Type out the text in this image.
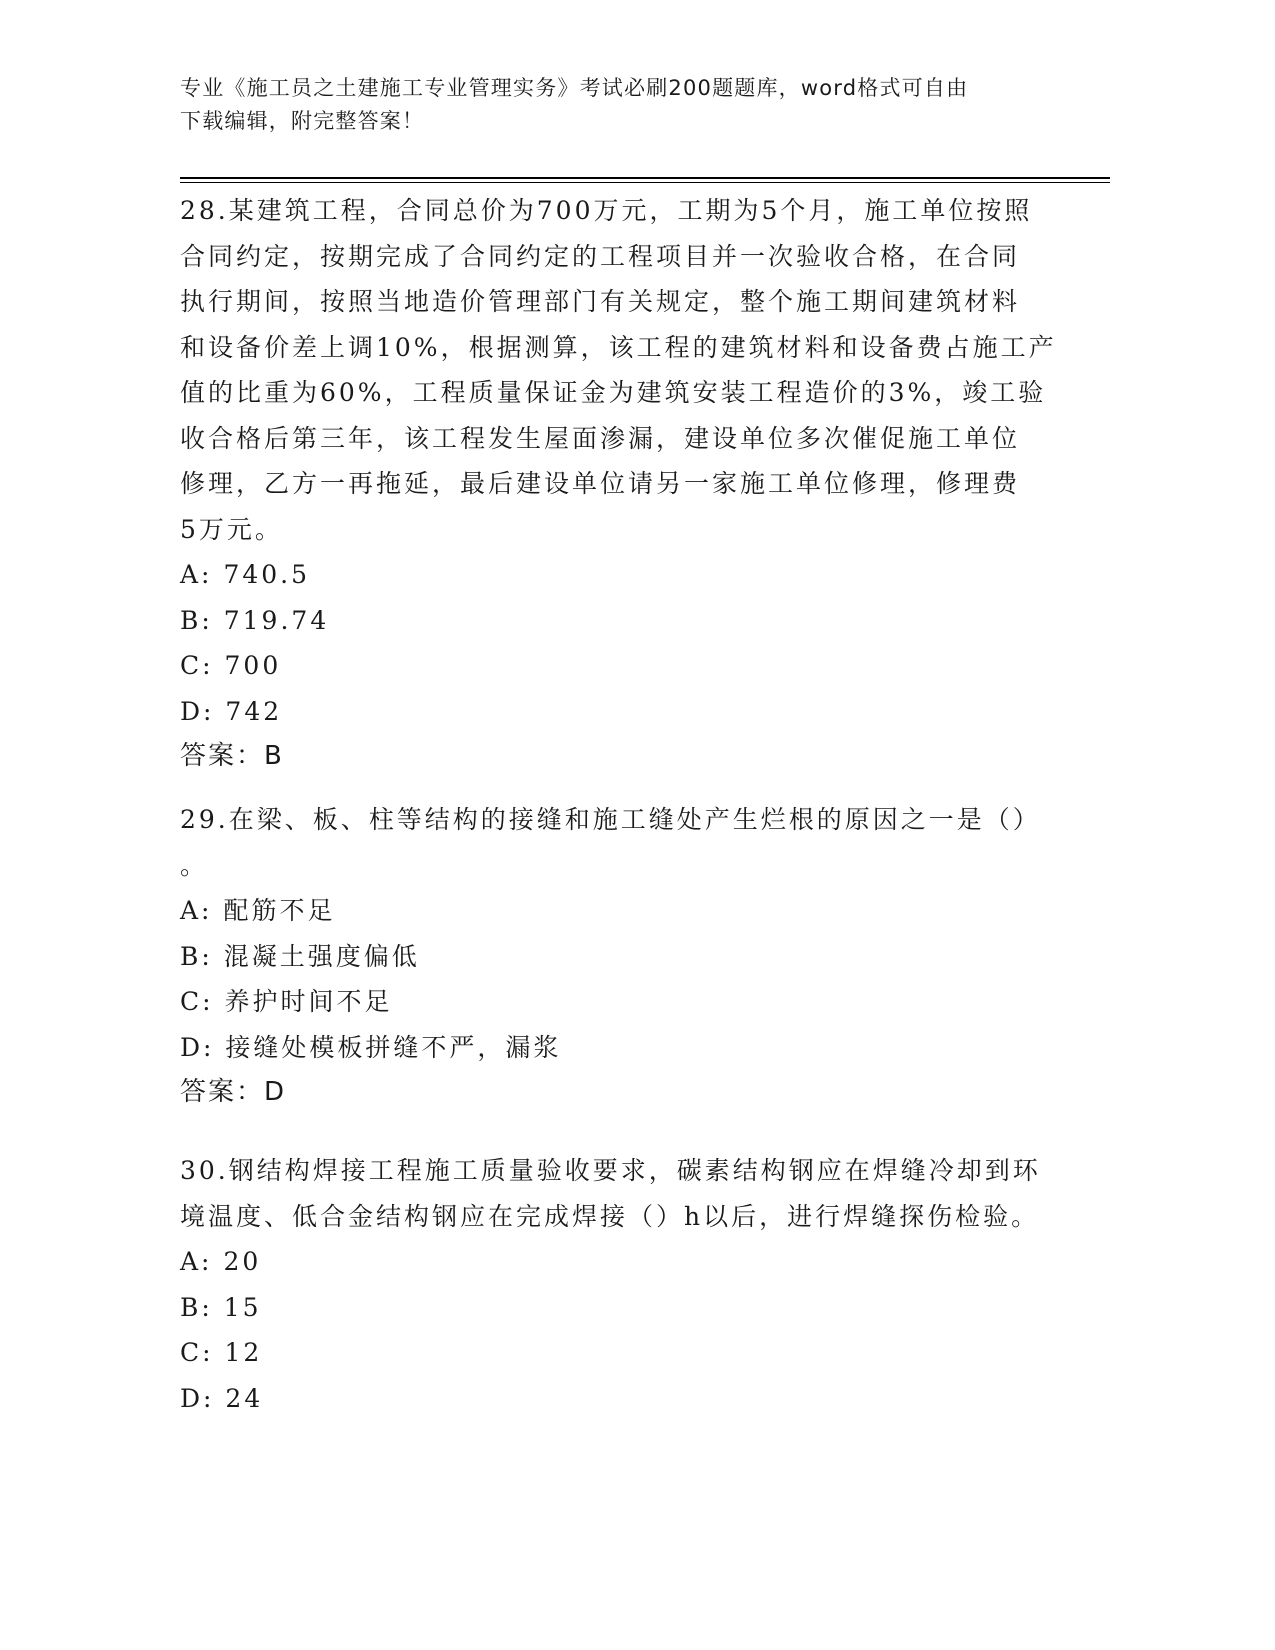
专业《施工员之土建施工专业管理实务》考试必刷200题题库，word格式可自由
下载编辑，附完整答案！
28.某建筑工程，合同总价为700万元，工期为5个月，施工单位按照
合同约定，按期完成了合同约定的工程项目并一次验收合格，在合同
执行期间，按照当地造价管理部门有关规定，整个施工期间建筑材料
和设备价差上调10%，根据测算，该工程的建筑材料和设备费占施工产
值的比重为60%，工程质量保证金为建筑安装工程造价的3%，竣工验
收合格后第三年，该工程发生屋面渗漏，建设单位多次催促施工单位
修理，乙方一再拖延，最后建设单位请另一家施工单位修理，修理费
5万元。
A: 740.5
B: 719.74
C: 700
D: 742
答案：B
29.在梁、板、柱等结构的接缝和施工缝处产生烂根的原因之一是（）
。
A: 配筋不足
B: 混凝土强度偏低
C: 养护时间不足
D: 接缝处模板拼缝不严，漏浆
答案：D
30.钢结构焊接工程施工质量验收要求，碳素结构钢应在焊缝冷却到环
境温度、低合金结构钢应在完成焊接（）h以后，进行焊缝探伤检验。
A: 20
B: 15
C: 12
D: 24
